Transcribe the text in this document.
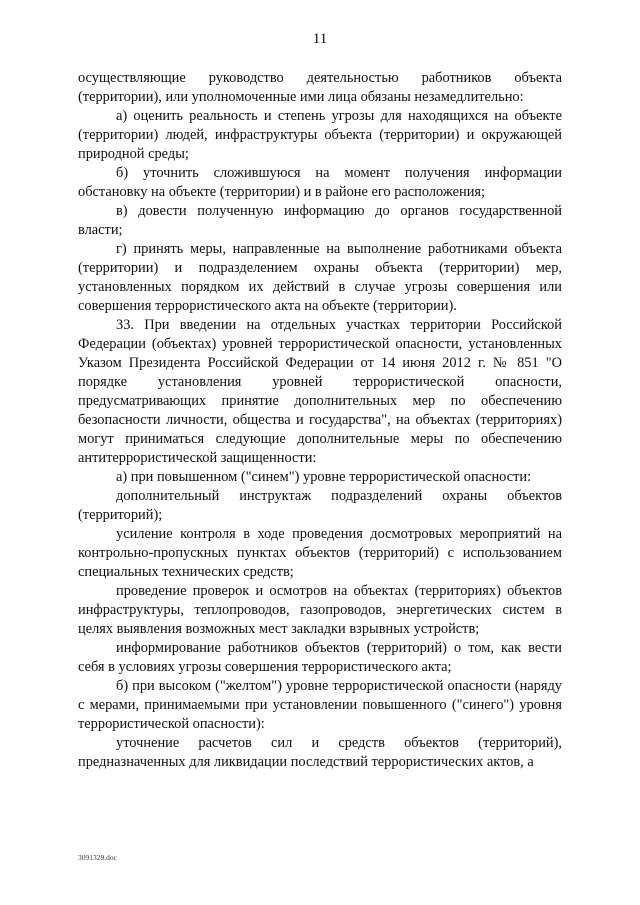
11

осуществляющие руководство деятельностью работников объекта (территории), или уполномоченные ими лица обязаны незамедлительно:

а) оценить реальность и степень угрозы для находящихся на объекте (территории) людей, инфраструктуры объекта (территории) и окружающей природной среды;

б) уточнить сложившуюся на момент получения информации обстановку на объекте (территории) и в районе его расположения;

в) довести полученную информацию до органов государственной власти;

г) принять меры, направленные на выполнение работниками объекта (территории) и подразделением охраны объекта (территории) мер, установленных порядком их действий в случае угрозы совершения или совершения террористического акта на объекте (территории).

33. При введении на отдельных участках территории Российской Федерации (объектах) уровней террористической опасности, установленных Указом Президента Российской Федерации от 14 июня 2012 г. № 851 "О порядке установления уровней террористической опасности, предусматривающих принятие дополнительных мер по обеспечению безопасности личности, общества и государства", на объектах (территориях) могут приниматься следующие дополнительные меры по обеспечению антитеррористической защищенности:

а) при повышенном ("синем") уровне террористической опасности:

дополнительный инструктаж подразделений охраны объектов (территорий);

усиление контроля в ходе проведения досмотровых мероприятий на контрольно-пропускных пунктах объектов (территорий) с использованием специальных технических средств;

проведение проверок и осмотров на объектах (территориях) объектов инфраструктуры, теплопроводов, газопроводов, энергетических систем в целях выявления возможных мест закладки взрывных устройств;

информирование работников объектов (территорий) о том, как вести себя в условиях угрозы совершения террористического акта;

б) при высоком ("желтом") уровне террористической опасности (наряду с мерами, принимаемыми при установлении повышенного ("синего") уровня террористической опасности):

уточнение расчетов сил и средств объектов (территорий), предназначенных для ликвидации последствий террористических актов, а

3091329.doc
